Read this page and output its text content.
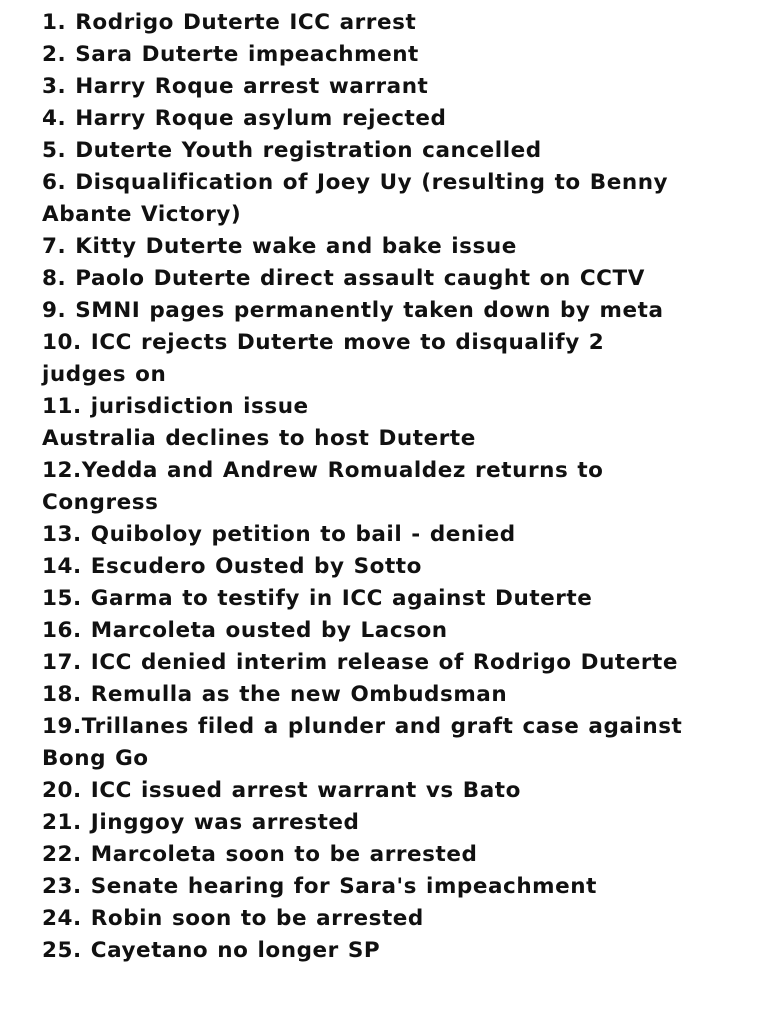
1. Rodrigo Duterte ICC arrest
2. Sara Duterte impeachment
3. Harry Roque arrest warrant
4. Harry Roque asylum rejected
5. Duterte Youth registration cancelled
6. Disqualification of Joey Uy (resulting to Benny
Abante Victory)
7. Kitty Duterte wake and bake issue
8. Paolo Duterte direct assault caught on CCTV
9. SMNI pages permanently taken down by meta
10. ICC rejects Duterte move to disqualify 2
judges on
11. jurisdiction issue
Australia declines to host Duterte
12.Yedda and Andrew Romualdez returns to
Congress
13. Quiboloy petition to bail - denied
14. Escudero Ousted by Sotto
15. Garma to testify in ICC against Duterte
16. Marcoleta ousted by Lacson
17. ICC denied interim release of Rodrigo Duterte
18. Remulla as the new Ombudsman
19.Trillanes filed a plunder and graft case against
Bong Go
20. ICC issued arrest warrant vs Bato
21. Jinggoy was arrested
22. Marcoleta soon to be arrested
23. Senate hearing for Sara's impeachment
24. Robin soon to be arrested
25. Cayetano no longer SP
